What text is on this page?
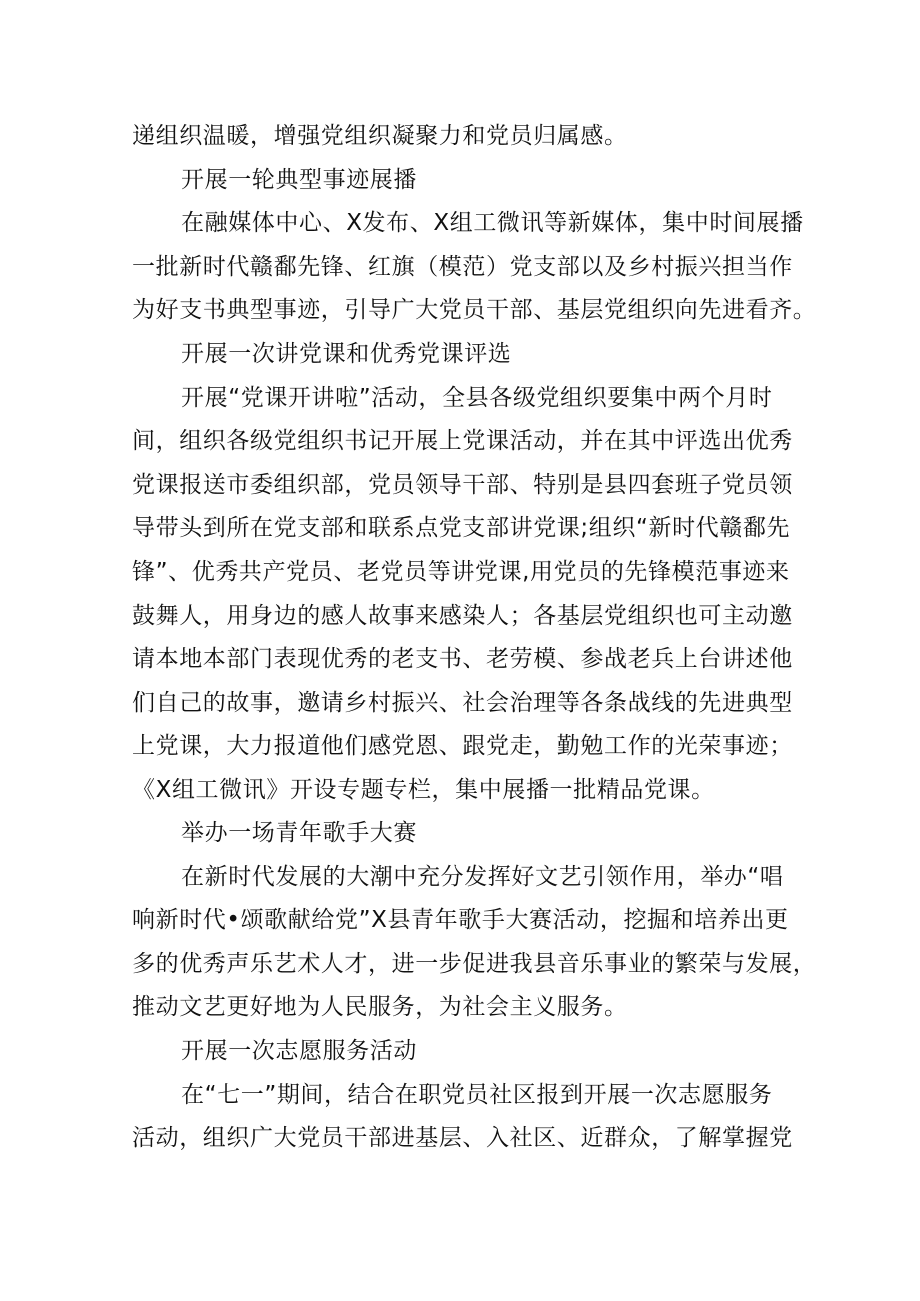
递组织温暖，增强党组织凝聚力和党员归属感。
开展一轮典型事迹展播
在融媒体中心、X发布、X组工微讯等新媒体，集中时间展播
一批新时代赣鄱先锋、红旗（模范）党支部以及乡村振兴担当作
为好支书典型事迹，引导广大党员干部、基层党组织向先进看齐。
开展一次讲党课和优秀党课评选
开展“党课开讲啦”活动，全县各级党组织要集中两个月时
间，组织各级党组织书记开展上党课活动，并在其中评选出优秀
党课报送市委组织部，党员领导干部、特别是县四套班子党员领
导带头到所在党支部和联系点党支部讲党课;组织“新时代赣鄱先
锋”、优秀共产党员、老党员等讲党课,用党员的先锋模范事迹来
鼓舞人，用身边的感人故事来感染人；各基层党组织也可主动邀
请本地本部门表现优秀的老支书、老劳模、参战老兵上台讲述他
们自己的故事，邀请乡村振兴、社会治理等各条战线的先进典型
上党课，大力报道他们感党恩、跟党走，勤勉工作的光荣事迹；
《X组工微讯》开设专题专栏，集中展播一批精品党课。
举办一场青年歌手大赛
在新时代发展的大潮中充分发挥好文艺引领作用，举办“唱
响新时代•颂歌献给党”X县青年歌手大赛活动，挖掘和培养出更
多的优秀声乐艺术人才，进一步促进我县音乐事业的繁荣与发展，
推动文艺更好地为人民服务，为社会主义服务。
开展一次志愿服务活动
在“七一”期间，结合在职党员社区报到开展一次志愿服务
活动，组织广大党员干部进基层、入社区、近群众，了解掌握党
